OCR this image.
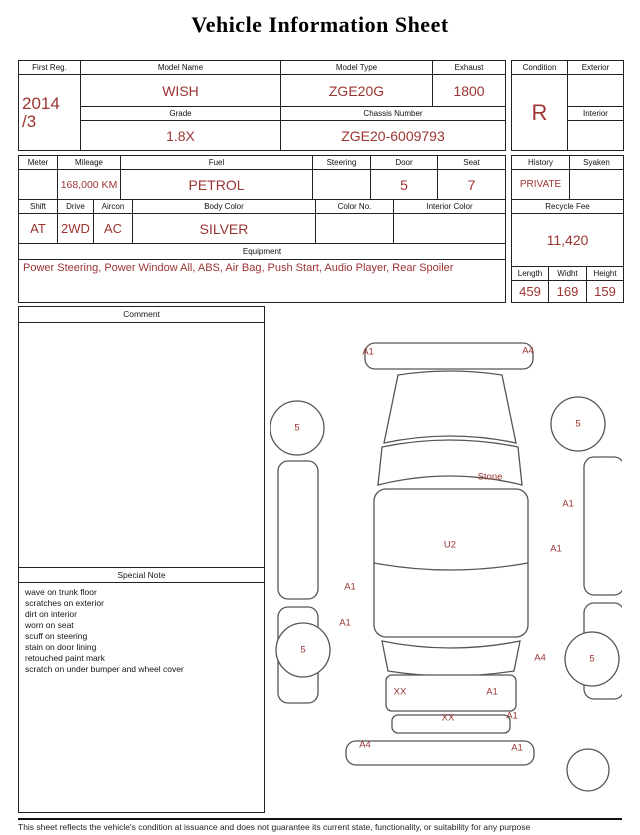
Vehicle Information Sheet
First Reg.	Model Name	Model Type	Exhaust
2014
/3	WISH	ZGE20G	1800
	Grade	Chassis Number	
	1.8X	ZGE20-6009793	
Condition	Exterior
R	
	Interior

Meter	Mileage	Fuel	Steering	Door	Seat
	168,000 KM	PETROL		5	7
Shift	Drive	Aircon	Body Color	Color No.	Interior Color
AT	2WD	AC	SILVER		
Equipment
Power Steering, Power Window All, ABS, Air Bag, Push Start, Audio Player, Rear Spoiler
History	Syaken
PRIVATE	
Recycle Fee
11,420
Length	Widht	Height
459	169	159
Comment
Special Note
wave on trunk floor
scratches on exterior
dirt on interior
worn on seat
scuff on steering
stain on door lining
retouched paint mark
scratch on under bumper and wheel cover
A1	A4
5	5
Stone
A1
A1
U2
A1
A1
5
A4	5
XX	A1
XX	A1
A4	A1
This sheet reflects the vehicle's condition at issuance and does not guarantee its current state, functionality, or suitability for any purpose
